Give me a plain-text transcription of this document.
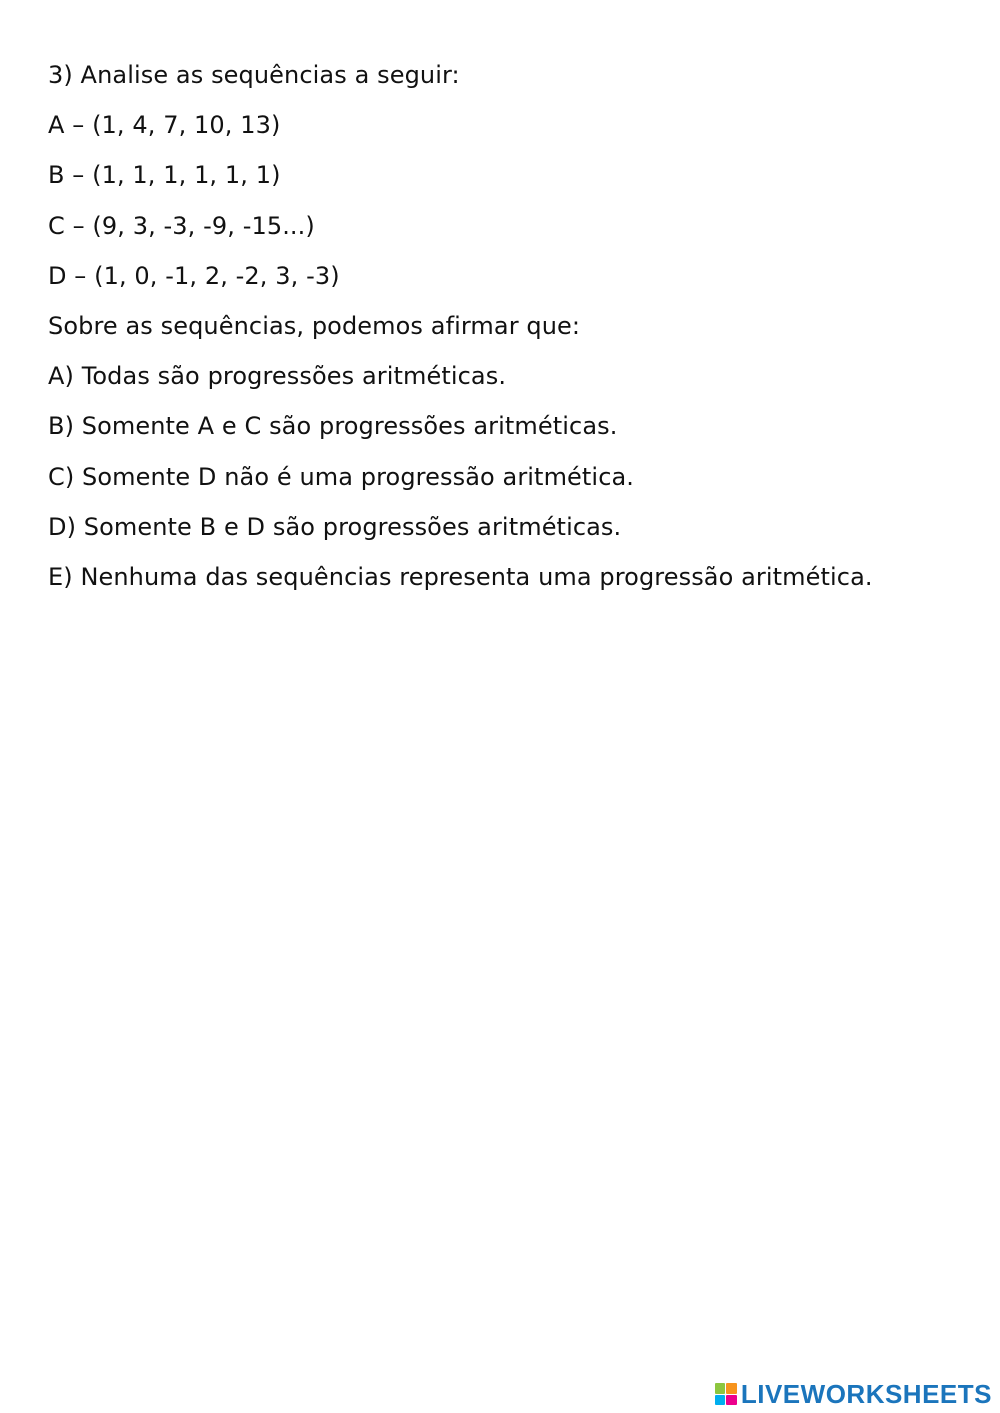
3) Analise as sequências a seguir:
A – (1, 4, 7, 10, 13)
B – (1, 1, 1, 1, 1, 1)
C – (9, 3, -3, -9, -15...)
D – (1, 0, -1, 2, -2, 3, -3)
Sobre as sequências, podemos afirmar que:
A) Todas são progressões aritméticas.
B) Somente A e C são progressões aritméticas.
C) Somente D não é uma progressão aritmética.
D) Somente B e D são progressões aritméticas.
E) Nenhuma das sequências representa uma progressão aritmética.
LIVEWORKSHEETS
